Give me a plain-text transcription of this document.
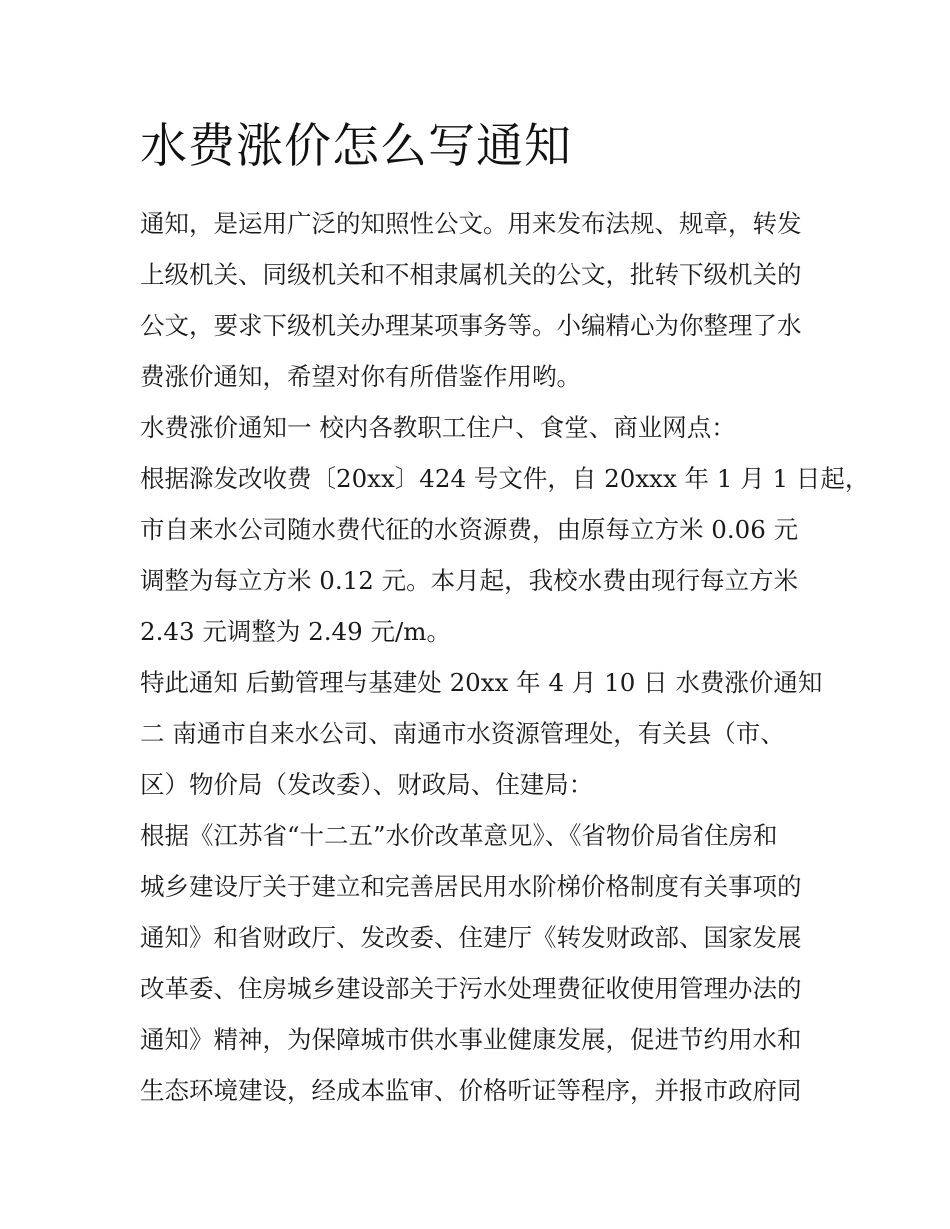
水费涨价怎么写通知
通知，是运用广泛的知照性公文。用来发布法规、规章，转发
上级机关、同级机关和不相隶属机关的公文，批转下级机关的
公文，要求下级机关办理某项事务等。小编精心为你整理了水
费涨价通知，希望对你有所借鉴作用哟。
水费涨价通知一 校内各教职工住户、食堂、商业网点：
根据滁发改收费〔20xx〕424 号文件，自 20xxx 年 1 月 1 日起，
市自来水公司随水费代征的水资源费，由原每立方米 0.06 元
调整为每立方米 0.12 元。本月起，我校水费由现行每立方米
2.43 元调整为 2.49 元/m。
特此通知 后勤管理与基建处 20xx 年 4 月 10 日 水费涨价通知
二 南通市自来水公司、南通市水资源管理处，有关县（市、
区）物价局（发改委）、财政局、住建局：
根据《江苏省“十二五”水价改革意见》、《省物价局省住房和
城乡建设厅关于建立和完善居民用水阶梯价格制度有关事项的
通知》和省财政厅、发改委、住建厅《转发财政部、国家发展
改革委、住房城乡建设部关于污水处理费征收使用管理办法的
通知》精神，为保障城市供水事业健康发展，促进节约用水和
生态环境建设，经成本监审、价格听证等程序，并报市政府同
